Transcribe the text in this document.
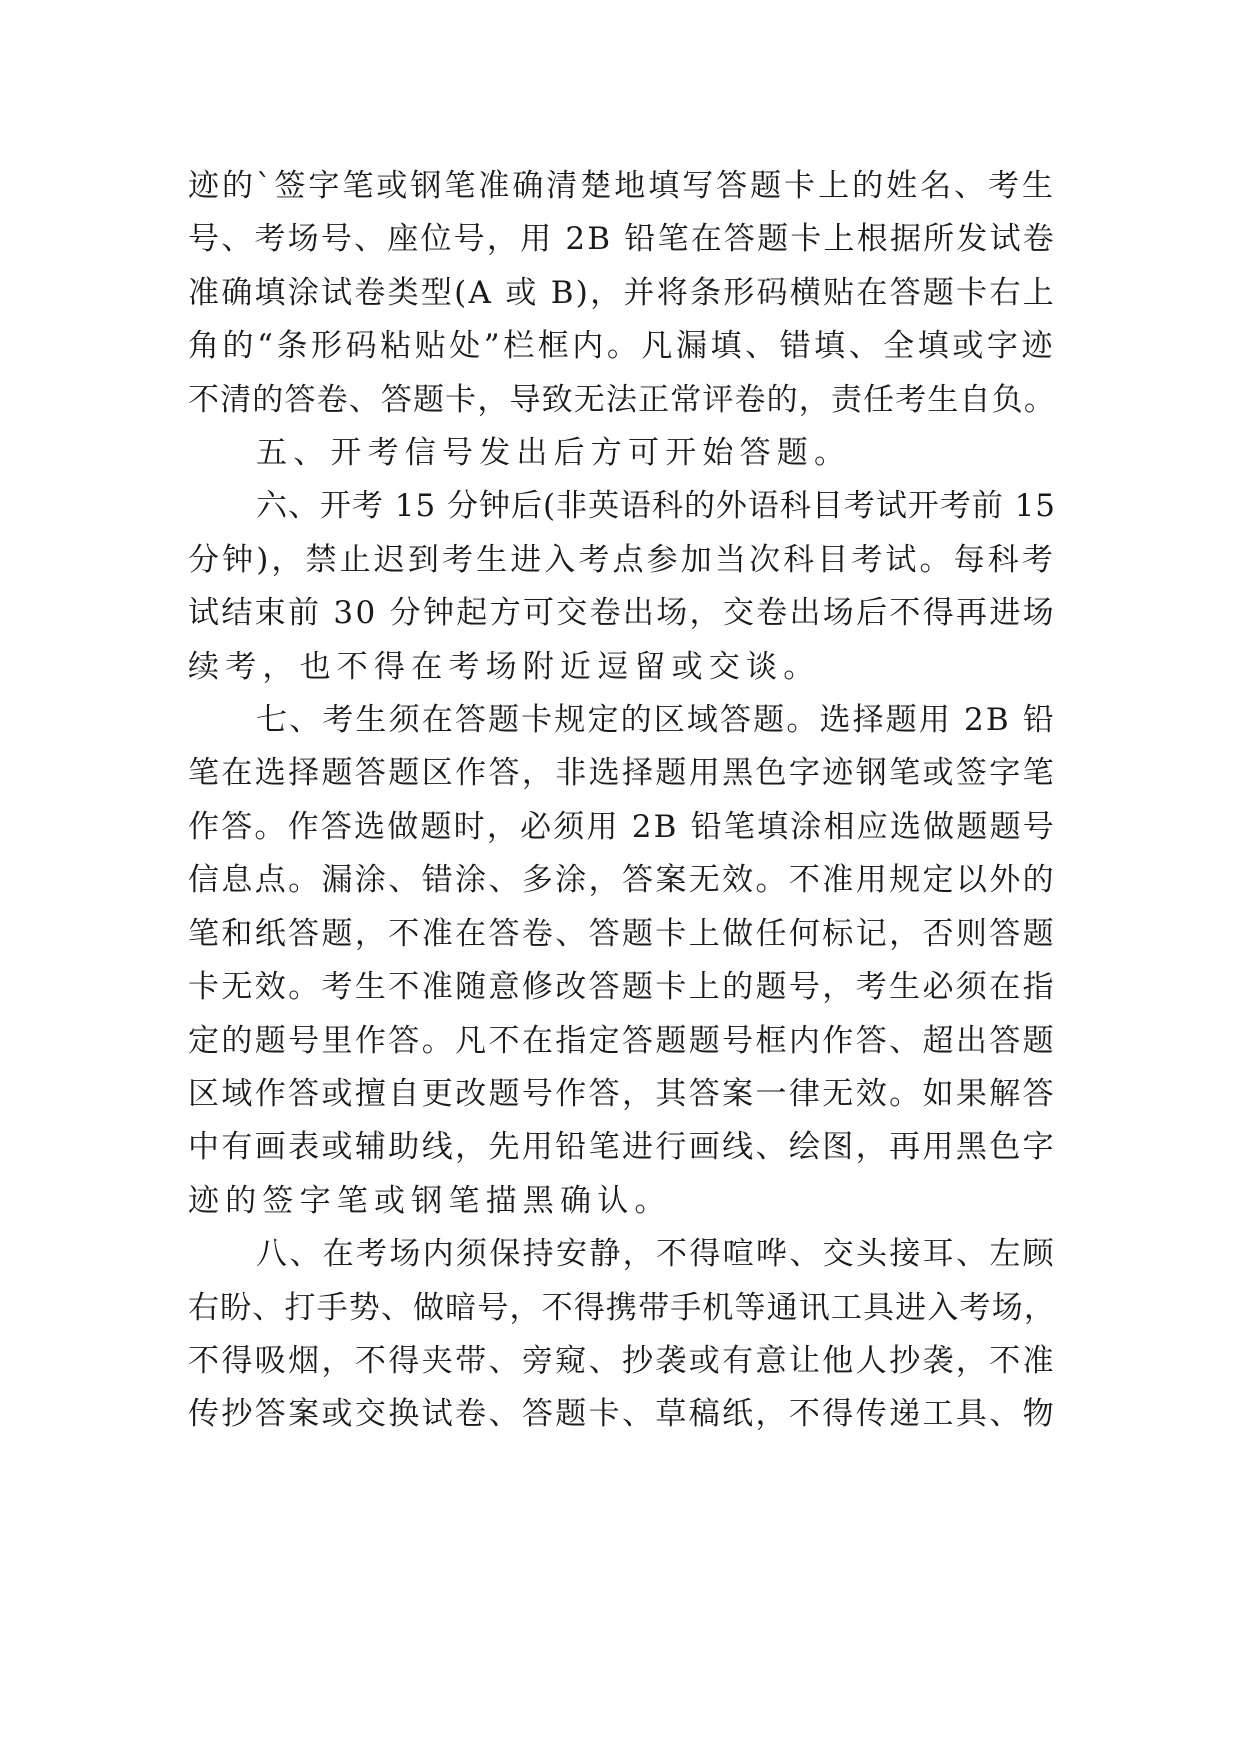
迹的`签字笔或钢笔准确清楚地填写答题卡上的姓名、考生
号、考场号、座位号，用 2B 铅笔在答题卡上根据所发试卷
准确填涂试卷类型(A 或 B)，并将条形码横贴在答题卡右上
角的“条形码粘贴处”栏框内。凡漏填、错填、全填或字迹
不清的答卷、答题卡，导致无法正常评卷的，责任考生自负。

五、开考信号发出后方可开始答题。

六、开考 15 分钟后(非英语科的外语科目考试开考前 15
分钟)，禁止迟到考生进入考点参加当次科目考试。每科考
试结束前 30 分钟起方可交卷出场，交卷出场后不得再进场
续考，也不得在考场附近逗留或交谈。

七、考生须在答题卡规定的区域答题。选择题用 2B 铅
笔在选择题答题区作答，非选择题用黑色字迹钢笔或签字笔
作答。作答选做题时，必须用 2B 铅笔填涂相应选做题题号
信息点。漏涂、错涂、多涂，答案无效。不准用规定以外的
笔和纸答题，不准在答卷、答题卡上做任何标记，否则答题
卡无效。考生不准随意修改答题卡上的题号，考生必须在指
定的题号里作答。凡不在指定答题题号框内作答、超出答题
区域作答或擅自更改题号作答，其答案一律无效。如果解答
中有画表或辅助线，先用铅笔进行画线、绘图，再用黑色字
迹的签字笔或钢笔描黑确认。

八、在考场内须保持安静，不得喧哗、交头接耳、左顾
右盼、打手势、做暗号，不得携带手机等通讯工具进入考场，
不得吸烟，不得夹带、旁窥、抄袭或有意让他人抄袭，不准
传抄答案或交换试卷、答题卡、草稿纸，不得传递工具、物
